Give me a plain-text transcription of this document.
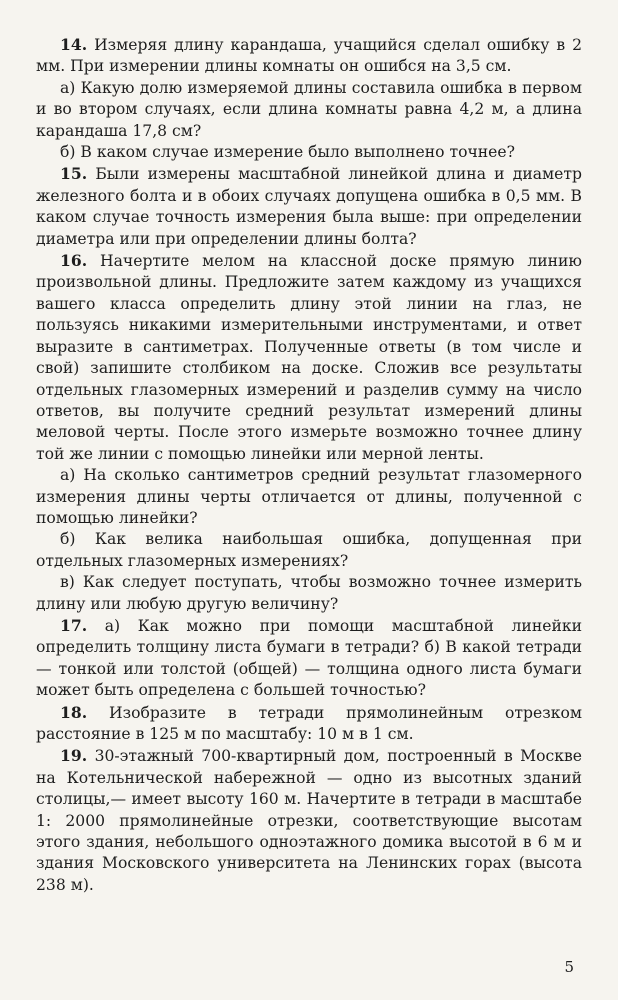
14. Измеряя длину карандаша, учащийся сделал ошибку в 2 мм. При измерении длины комнаты он ошибся на 3,5 см.

а) Какую долю измеряемой длины составила ошибка в первом и во втором случаях, если длина комнаты равна 4,2 м, а длина карандаша 17,8 см?

б) В каком случае измерение было выполнено точнее?

15. Были измерены масштабной линейкой длина и диаметр железного болта и в обоих случаях допущена ошибка в 0,5 мм. В каком случае точность измерения была выше: при определении диаметра или при определении длины болта?

16. Начертите мелом на классной доске прямую линию произвольной длины. Предложите затем каждому из учащихся вашего класса определить длину этой линии на глаз, не пользуясь никакими измерительными инструментами, и ответ выразите в сантиметрах. Полученные ответы (в том числе и свой) запишите столбиком на доске. Сложив все результаты отдельных глазомерных измерений и разделив сумму на число ответов, вы получите средний результат измерений длины меловой черты. После этого измерьте возможно точнее длину той же линии с помощью линейки или мерной ленты.

а) На сколько сантиметров средний результат глазомерного измерения длины черты отличается от длины, полученной с помощью линейки?

б) Как велика наибольшая ошибка, допущенная при отдельных глазомерных измерениях?

в) Как следует поступать, чтобы возможно точнее измерить длину или любую другую величину?

17. а) Как можно при помощи масштабной линейки определить толщину листа бумаги в тетради? б) В какой тетради — тонкой или толстой (общей) — толщина одного листа бумаги может быть определена с большей точностью?

18. Изобразите в тетради прямолинейным отрезком расстояние в 125 м по масштабу: 10 м в 1 см.

19. 30-этажный 700-квартирный дом, построенный в Москве на Котельнической набережной — одно из высотных зданий столицы,— имеет высоту 160 м. Начертите в тетради в масштабе 1: 2000 прямолинейные отрезки, соответствующие высотам этого здания, небольшого одноэтажного домика высотой в 6 м и здания Московского университета на Ленинских горах (высота 238 м).

5
